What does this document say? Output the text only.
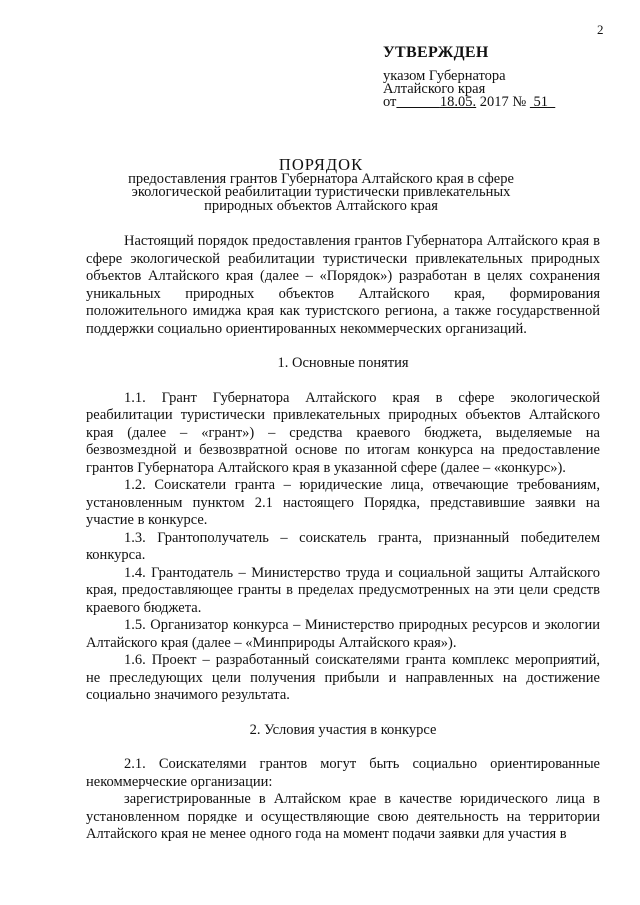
2
УТВЕРЖДЕН
указом Губернатора
Алтайского края
от	18.05. 2017 № 51
ПОРЯДОК
предоставления грантов Губернатора Алтайского края в сфере
экологической реабилитации туристически привлекательных
природных объектов Алтайского края

Настоящий порядок предоставления грантов Губернатора Алтайского края в сфере экологической реабилитации туристически привлекательных природных объектов Алтайского края (далее – «Порядок») разработан в целях сохранения уникальных природных объектов Алтайского края, формирования положительного имиджа края как туристского региона, а также государственной поддержки социально ориентированных некоммерческих организаций.

1. Основные понятия

1.1. Грант Губернатора Алтайского края в сфере экологической реабилитации туристически привлекательных природных объектов Алтайского края (далее – «грант») – средства краевого бюджета, выделяемые на безвозмездной и безвозвратной основе по итогам конкурса на предоставление грантов Губернатора Алтайского края в указанной сфере (далее – «конкурс»).

1.2. Соискатели гранта – юридические лица, отвечающие требованиям, установленным пунктом 2.1 настоящего Порядка, представившие заявки на участие в конкурсе.

1.3. Грантополучатель – соискатель гранта, признанный победителем конкурса.

1.4. Грантодатель – Министерство труда и социальной защиты Алтайского края, предоставляющее гранты в пределах предусмотренных на эти цели средств краевого бюджета.

1.5. Организатор конкурса – Министерство природных ресурсов и экологии Алтайского края (далее – «Минприроды Алтайского края»).

1.6. Проект – разработанный соискателями гранта комплекс мероприятий, не преследующих цели получения прибыли и направленных на достижение социально значимого результата.

2. Условия участия в конкурсе

2.1. Соискателями грантов могут быть социально ориентированные некоммерческие организации:

зарегистрированные в Алтайском крае в качестве юридического лица в установленном порядке и осуществляющие свою деятельность на территории Алтайского края не менее одного года на момент подачи заявки для участия в
